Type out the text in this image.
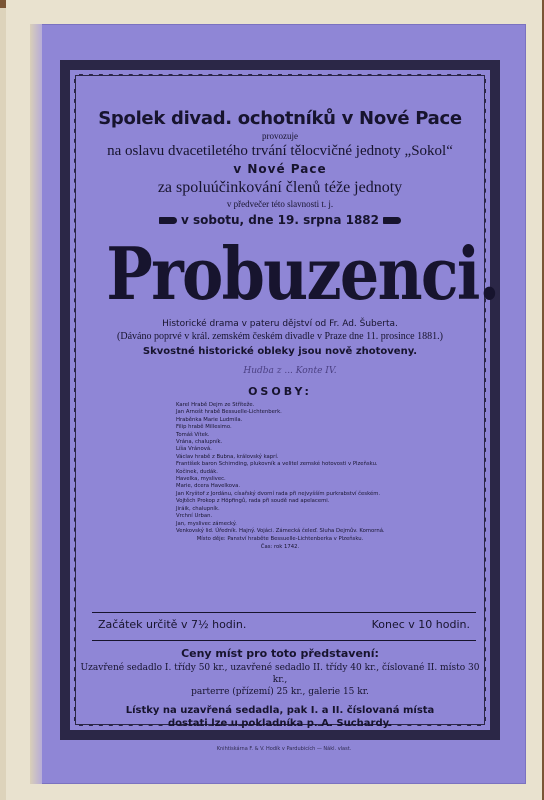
Spolek divad. ochotníků v Nové Pace
provozuje
na oslavu dvacetiletého trvání tělocvičné jednoty „Sokol“
v Nové Pace
za spoluúčinkování členů téže jednoty
v předvečer této slavnosti t. j.
v sobotu, dne 19. srpna 1882
Probuzenci.
Historické drama v pateru dějství od Fr. Ad. Šuberta.
(Dáváno poprvé v král. zemském českém divadle v Praze dne 11. prosince 1881.)
Skvostné historické obleky jsou nově zhotoveny.
Hudba z ... Konte IV.
OSOBY:
Karel Hrabě Dejm ze Stříteže.
Jan Arnošt hrabě Bessuelle-Lichtenberk.
Hraběnka Marie Ludmila.
Filip hrabě Millesimo.
Tomáš Vítek.
Vrána, chalupník.
Líša Vránová.
Václav hrabě z Bubna, královský kaprí.
František baron Schirnding, plukovník a velitel zemské hotovosti v Plzeňsku.
Kočinek, dudák.
Havelka, myslivec.
Marie, dcera Havelkova.
Jan Kryštof z Jordánu, císařský dvorní rada při nejvyšším purkrabství českém.
Vojtěch Prokop z Höpfingů, rada při soudě nad apelacemi.
Jiráik, chalupník.
Vrchní Urban.
Jan, myslivec zámecký.
Venkovský lid. Úředník. Hajný. Vojáci. Zámecká čeleď. Sluha Dejmův. Komorná.
Místo děje: Panství hraběte Bessuelle-Lichtenberka v Plzeňsku.
Čas: rok 1742.
Začátek určitě v 7½ hodin.	Konec v 10 hodin.
Ceny míst pro toto představení:
Uzavřené sedadlo I. třídy 50 kr., uzavřené sedadlo II. třídy 40 kr., číslované II. místo 30 kr.,
parterre (přízemí) 25 kr., galerie 15 kr.
Lístky na uzavřená sedadla, pak I. a II. číslovaná místa
dostati lze u pokladníka p. A. Suchardy.
Knihtiskárna F. & V. Hodík v Pardubicích — Nákl. vlast.
